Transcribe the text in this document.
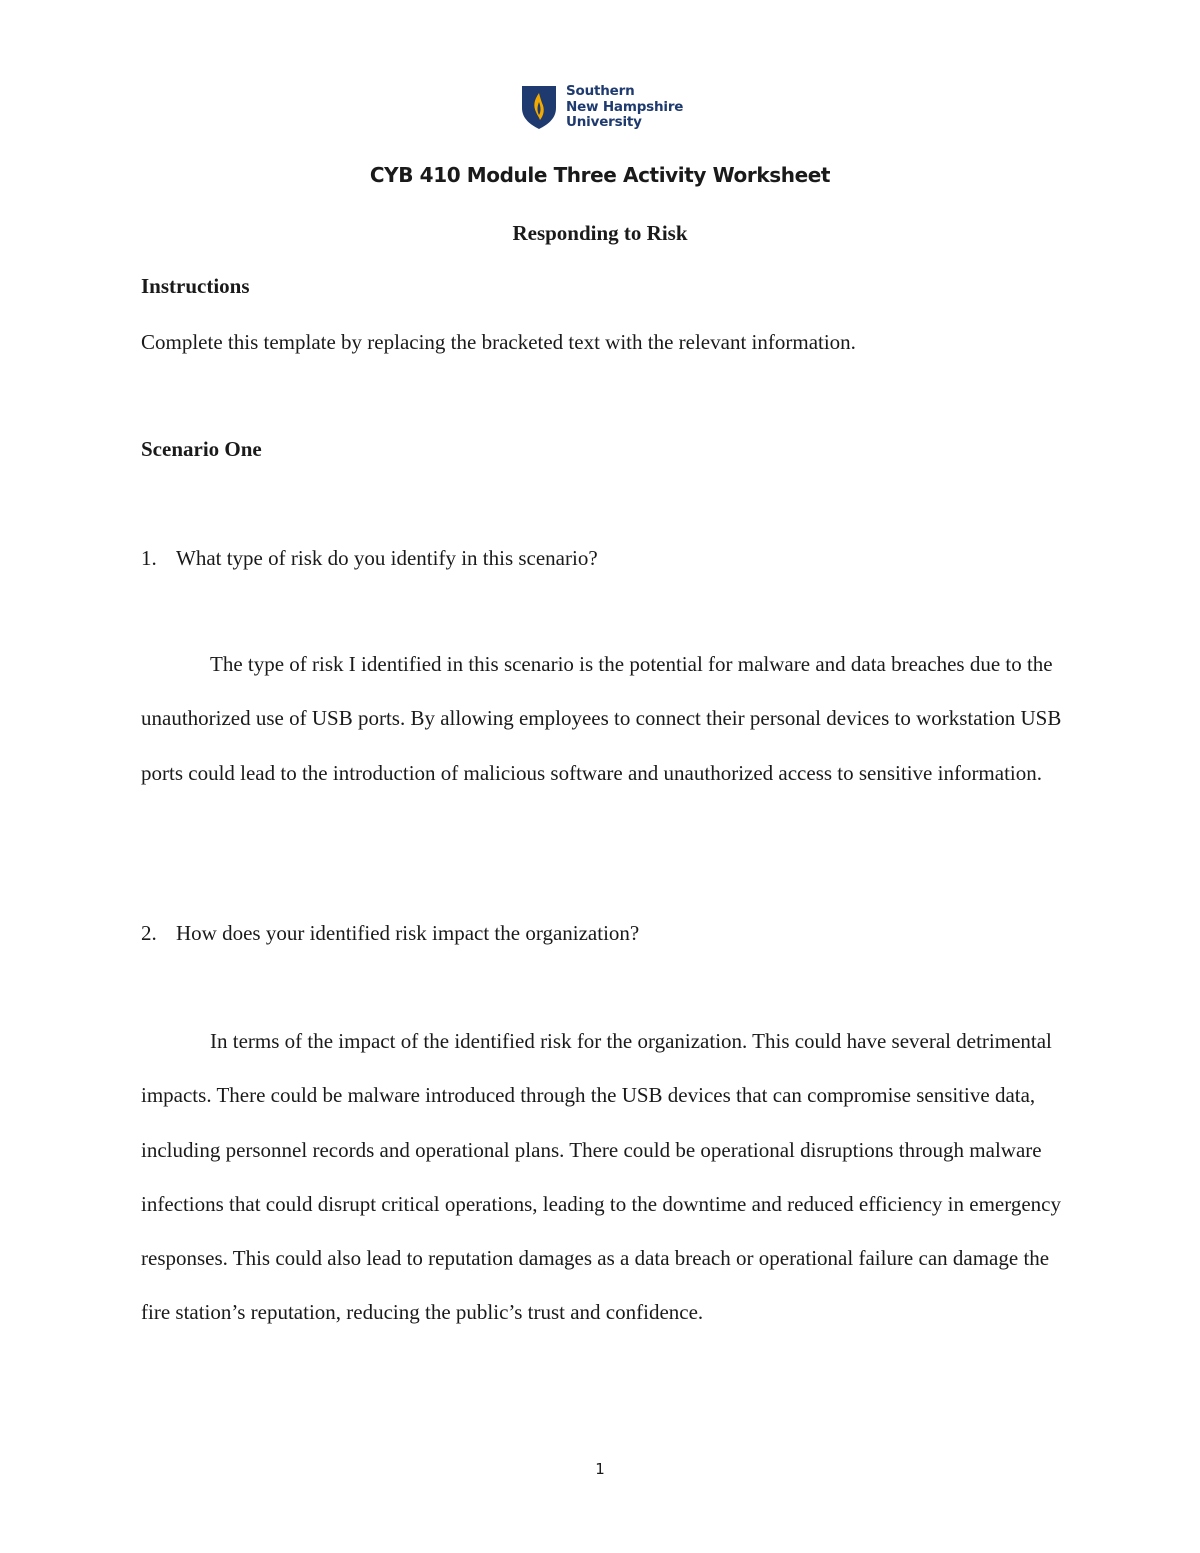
Southern
New Hampshire
University
CYB 410 Module Three Activity Worksheet
Responding to Risk
Instructions
Complete this template by replacing the bracketed text with the relevant information.
Scenario One
1. What type of risk do you identify in this scenario?
The type of risk I identified in this scenario is the potential for malware and data breaches due to the unauthorized use of USB ports. By allowing employees to connect their personal devices to workstation USB ports could lead to the introduction of malicious software and unauthorized access to sensitive information.
2. How does your identified risk impact the organization?
In terms of the impact of the identified risk for the organization. This could have several detrimental impacts. There could be malware introduced through the USB devices that can compromise sensitive data, including personnel records and operational plans. There could be operational disruptions through malware infections that could disrupt critical operations, leading to the downtime and reduced efficiency in emergency responses. This could also lead to reputation damages as a data breach or operational failure can damage the fire station’s reputation, reducing the public’s trust and confidence.
1
